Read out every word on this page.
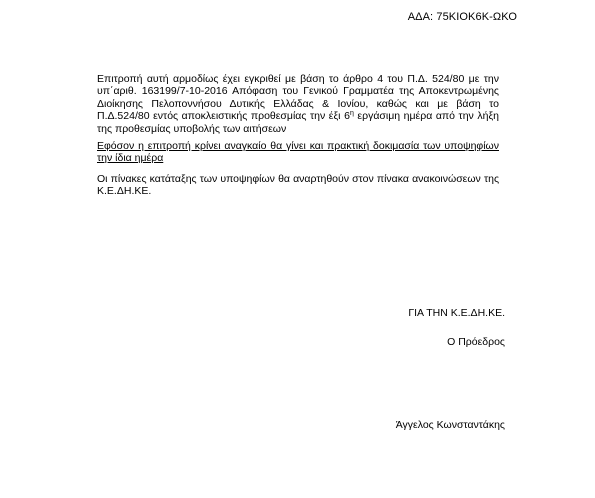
ΑΔΑ: 75ΚΙΟΚ6Κ-ΩΚΟ

Επιτροπή αυτή αρμοδίως έχει εγκριθεί με βάση το άρθρο 4 του Π.Δ. 524/80 με την υπ΄αριθ. 163199/7-10-2016 Απόφαση του Γενικού Γραμματέα της Αποκεντρωμένης Διοίκησης Πελοποννήσου Δυτικής Ελλάδας & Ιονίου, καθώς και με βάση το Π.Δ.524/80 εντός αποκλειστικής προθεσμίας την έξι $6^\eta$ εργάσιμη ημέρα από την λήξη της προθεσμίας υποβολής των αιτήσεων

Εφόσον η επιτροπή κρίνει αναγκαίο θα γίνει και πρακτική δοκιμασία των υποψηφίων την ίδια ημέρα

Οι πίνακες κατάταξης των υποψηφίων θα αναρτηθούν στον πίνακα ανακοινώσεων της Κ.Ε.ΔΗ.ΚΕ.

ΓΙΑ ΤΗΝ Κ.Ε.ΔΗ.ΚΕ.
Ο Πρόεδρος
Άγγελος Κωνσταντάκης
